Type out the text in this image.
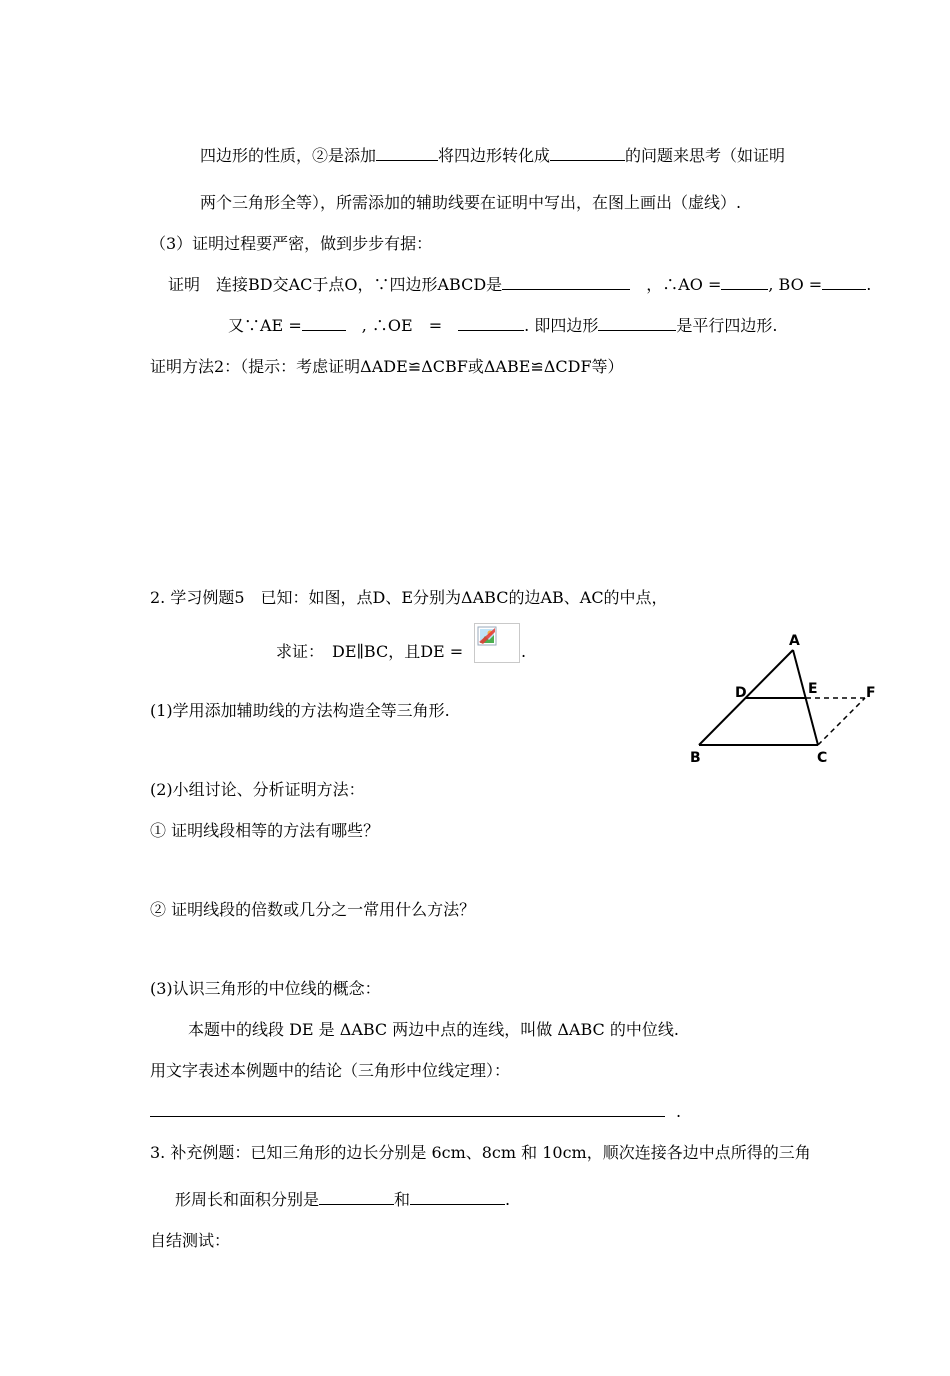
四边形的性质，②是添加	将四边形转化成	的问题来思考（如证明
两个三角形全等），所需添加的辅助线要在证明中写出，在图上画出（虚线）.
（3）证明过程要严密，做到步步有据：
证明　连接BD交AC于点O，∵四边形ABCD是　	，∴AO =	, BO =	.
又∵AE =　	, ∴OE　=　	. 即四边形	是平行四边形.
证明方法2：（提示：考虑证明ΔADE≌ΔCBF或ΔABE≌ΔCDF等）
2. 学习例题5　已知：如图，点D、E分别为ΔABC的边AB、AC的中点，
求证：　DE∥BC，且DE =	.
(1)学用添加辅助线的方法构造全等三角形.
A
D	E	F
B	C
(2)小组讨论、分析证明方法：
① 证明线段相等的方法有哪些？
② 证明线段的倍数或几分之一常用什么方法？
(3)认识三角形的中位线的概念：
本题中的线段 DE 是 ΔABC 两边中点的连线，叫做 ΔABC 的中位线.
用文字表述本例题中的结论（三角形中位线定理）：
.
3. 补充例题：已知三角形的边长分别是 6cm、8cm 和 10cm，顺次连接各边中点所得的三角
形周长和面积分别是	和	.
自结测试：
